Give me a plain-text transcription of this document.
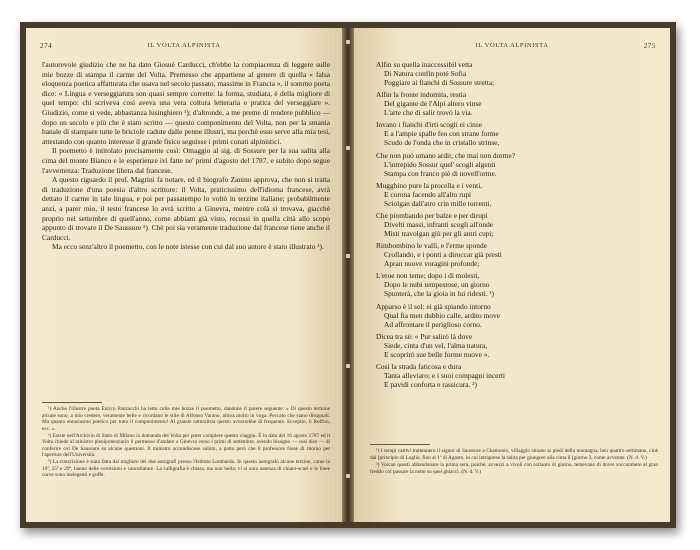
274	IL VOLTA ALPINISTA

l'autorevole giudizio che ne ha dato Giosuè Carducci, ch'ebbe la compiacenza di leggere sulle mie bozze di stampa il carme del Volta. Premesso che appartiene al genere di quella « falsa eloquenza poetica affatturata che usava nel secolo passato, massime in Francia », il sommo poeta dice: « Lingua e verseggiatura son quasi sempre corrette: la forma, studiata, è della migliore di quel tempo: chi scriveva così aveva una vera coltura letteraria e pratica del verseggiare ». Giudizio, come si vede, abbastanza lusinghiero ¹); d'altronde, a me preme di rendere pubblico — dopo un secolo e più che è stato scritto — questo componimento del Volta, non per la smania banale di stampare tutte le briciole cadute dalle penne illustri, ma perchè esso serve alla mia tesi, attestando con quanto interesse il grande fisico seguisse i primi conati alpinistici.

Il poemetto è intitolato precisamente così: Omaggio al sig. di Sossure per la sua salita alla cima del monte Bianco e le esperienze ivi fatte ne' primi d'agosto del 1787, e subito dopo segue l'avvertenza: Traduzione libera dal francese.

A questo riguardo il prof. Magrini fa notare, ed il biografo Zanino approva, che non si tratta di traduzione d'una poesia d'altro scrittore: il Volta, praticissimo dell'idioma francese, avrà dettato il carme in tale lingua, e poi per passatempo lo voltò in terzine italiane; probabilmente anzi, a parer mio, il testo francese lo avrà scritto a Ginevra, mentre colà si trovava, giacchè proprio nel settembre di quell'anno, come abbiam già visto, recossi in quella città allo scopo appunto di trovare il De Saussure ²). Chè poi sia veramente traduzione dal francese tiene anche il Carducci.

Ma ecco senz'altro il poemetto, con le note istesse con cui dal suo autore è stato illustrato ³).

¹) Anche l'illustre poeta Enrico Panzacchi ha letto colle mie bozze il poemetto, dandone il parere seguente: « Di questo termine alcune sono, a mio credere, veramente belle e ricordano le stile di Alfonso Varano, allora molto in voga. Peccato che siano disuguali. Ma quanto entusiasmo poetico per tutto il componimento! Al grande naturalista questo avverrebbe di frequente. Eccepito, il Ruffini, ecc. ».

²) Esiste nell'Archivio di Stato di Milano la domanda del Volta per poter compiere questo viaggio. È in data del 16 agosto 1787 ed il Volta chiede al ministro plenipotenziario il permesso d'andare a Ginevra verso i primi di settembre, avendo bisogno — così dice — di conferire col De Saussure su alcune questioni. Il ministro accondiscese subito, a patto però che il professore fosse di ritorno per l'apertura dell'Università.

³) La trascrizione è stata fatta dal migliore dei due autografi presso l'Istituto Lombardo. In questo autografo alcune terzine, come la 19ª, 25ª e 29ª, hanno delle correzioni e cancellature. La calligrafia è chiara, ma non bella; vi si nota assenza di chiaro-scuri e le linee curve sono inelegenti e goffe.

IL VOLTA ALPINISTA	275
Alfin su quella inaccessibil vetta
Di Natura confin poté Sofia
Poggiare ai fianchi di Sossure stretta;
Alfin la fronte indomita, restia
Del gigante de l'Alpi altero vinse
L'arte che di salir trovò la via.
Invano i fianchi d'irti scogli ei cinse
E a l'ampie spalle feo con strane forme
Scudo de l'onda che in cristallo strinse,
Che non può umano ardir, che mai non dorme?
L'intrepido Sossur quel' scogli algenti
Stampa con franco piè di novell'orme.
Mugghino pure la procella e i venti,
E corona facendo all'alto rupi
Sciolgan dall'atro crin mille torrenti,
Che piombando per balze e per dirupi
Divelti massi, infranti scogli all'onde
Misti travolgan giù per gli antri cupi;
Rimbombino le valli, e l'erme sponde
Crollando, e i ponti a diroccar già presti
Apran nuove voragini profonde;
L'eroe non teme; dopo i dì molesti,
Dopo le nubi tempestose, un giorno
Spunterà, che la gioia in lui ridesti. ¹)
Apparso è il sol: ei già spiando intorno
Qual fia men dubbio calle, ardito move
Ad affrontare il periglioso corno.
Dicea tra sè: « Pur salirò là dove
Siede, cinta d'un vel, l'alma natura,
E scoprirò sue belle forme nuove ».
Così la strada faticosa e dura
Tanta alleviaro; e i suoi compagni incerti
E pavidi conforta e rassicura. ²)

¹) I tempi cattivi trattennero il signor di Saussure a Chamonix, villaggio situato ai piedi della montagna, ben quattro settimane, cioè dal [principio di Luglio, fino al 1º di Agosto, in cui intraprese la salita per giungere alla cima il [giorno 3, come avvenne. (N. d. V.)

²) Volcan questi abbandonare la prima sera, poichè, avvezzi a vivoli con soltanto di giorno, temevano di dover soccombere al gran freddo col passare la notte su quei ghiacci. (N. d. V.)
